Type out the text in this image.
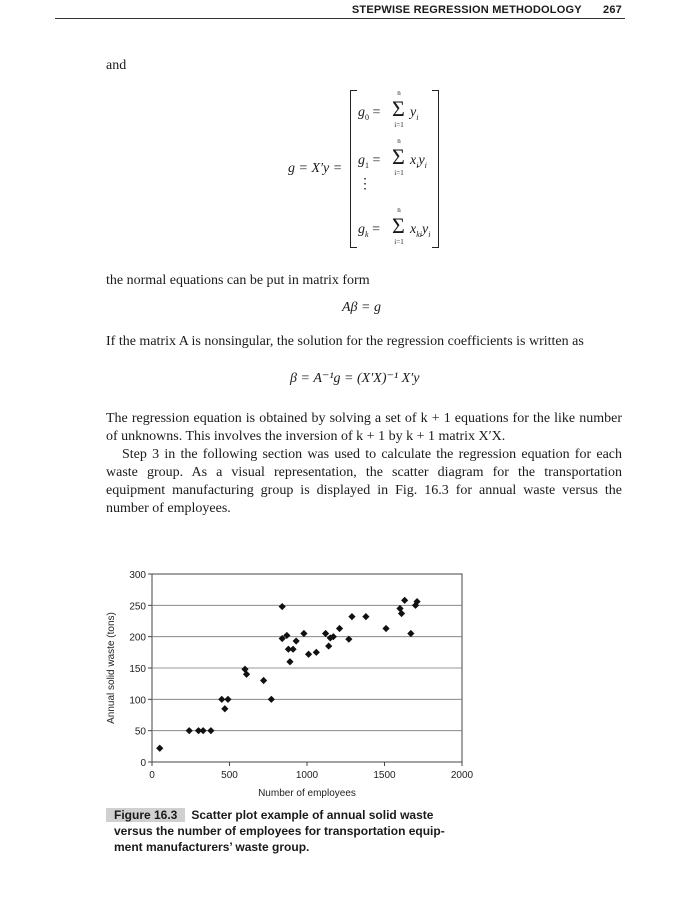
STEPWISE REGRESSION METHODOLOGY 267
and
g = X′y =
$g_0$ =
n
Σ
i=1
$y_i$
$g_1$ =
n
Σ
i=1
$x_iy_i$
⋮
$g_k$ =
n
Σ
i=1
$x_{ki}y_i$
the normal equations can be put in matrix form
Aβ = g
If the matrix A is nonsingular, the solution for the regression coefficients is written as
β = A⁻¹g = (X′X)⁻¹ X′y
The regression equation is obtained by solving a set of k + 1 equations for the like number of unknowns. This involves the inversion of k + 1 by k + 1 matrix X′X.
Step 3 in the following section was used to calculate the regression equation for each waste group. As a visual representation, the scatter diagram for the transportation equipment manufacturing group is displayed in Fig. 16.3 for annual waste versus the number of employees.
0
50
100
150
200
250
300
0	500	1000	1500	2000
Number of employees
Annual solid waste (tons)
Figure 16.3 Scatter plot example of annual solid waste
versus the number of employees for transportation equip-
ment manufacturers’ waste group.
